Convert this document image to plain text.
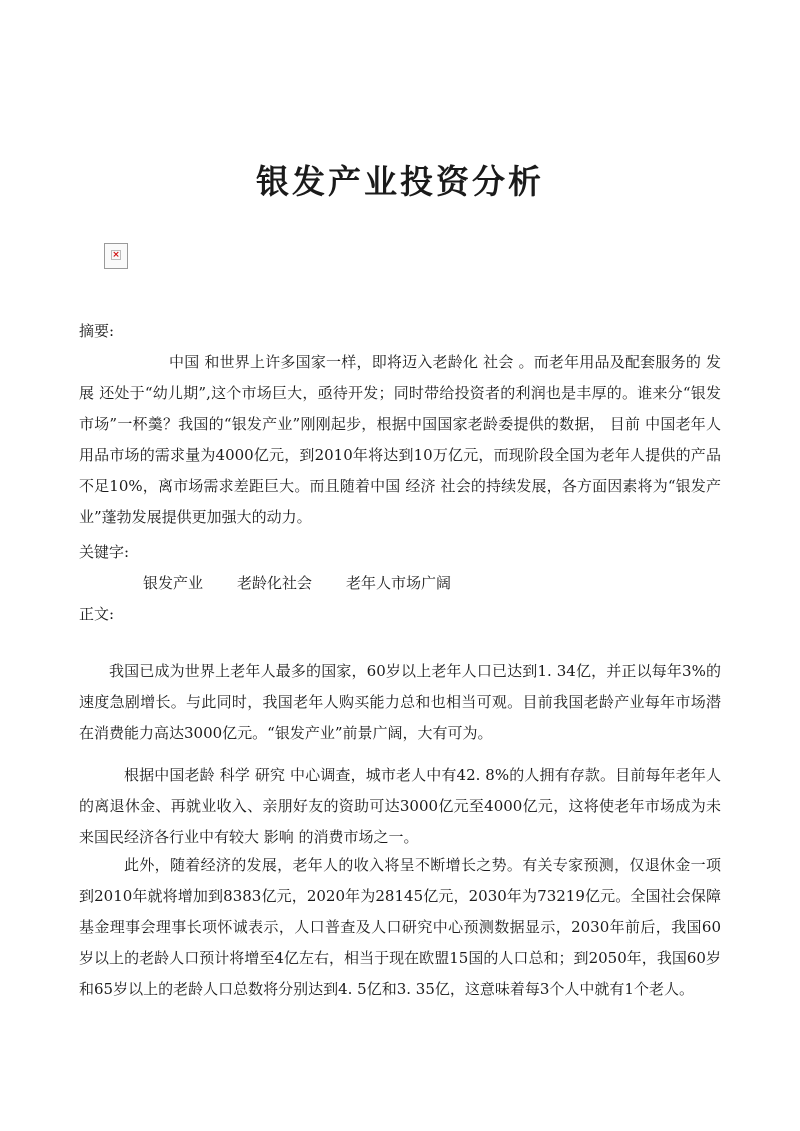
银发产业投资分析
×
摘要:

中国 和世界上许多国家一样，即将迈入老龄化 社会 。而老年用品及配套服务的 发展 还处于“幼儿期”,这个市场巨大，亟待开发；同时带给投资者的利润也是丰厚的。谁来分“银发市场”一杯羹？我国的“银发产业”刚刚起步，根据中国国家老龄委提供的数据， 目前 中国老年人用品市场的需求量为4000亿元，到2010年将达到10万亿元，而现阶段全国为老年人提供的产品不足10%，离市场需求差距巨大。而且随着中国 经济 社会的持续发展，各方面因素将为“银发产业”蓬勃发展提供更加强大的动力。

关键字:
银发产业 老龄化社会 老年人市场广阔
正文:

我国已成为世界上老年人最多的国家，60岁以上老年人口已达到1. 34亿，并正以每年3%的速度急剧增长。与此同时，我国老年人购买能力总和也相当可观。目前我国老龄产业每年市场潜在消费能力高达3000亿元。“银发产业”前景广阔，大有可为。

根据中国老龄 科学 研究 中心调查，城市老人中有42. 8%的人拥有存款。目前每年老年人的离退休金、再就业收入、亲朋好友的资助可达3000亿元至4000亿元，这将使老年市场成为未来国民经济各行业中有较大 影响 的消费市场之一。

此外，随着经济的发展，老年人的收入将呈不断增长之势。有关专家预测，仅退休金一项到2010年就将增加到8383亿元，2020年为28145亿元，2030年为73219亿元。全国社会保障基金理事会理事长项怀诚表示，人口普查及人口研究中心预测数据显示，2030年前后，我国60岁以上的老龄人口预计将增至4亿左右，相当于现在欧盟15国的人口总和；到2050年，我国60岁和65岁以上的老龄人口总数将分别达到4. 5亿和3. 35亿，这意味着每3个人中就有1个老人。
